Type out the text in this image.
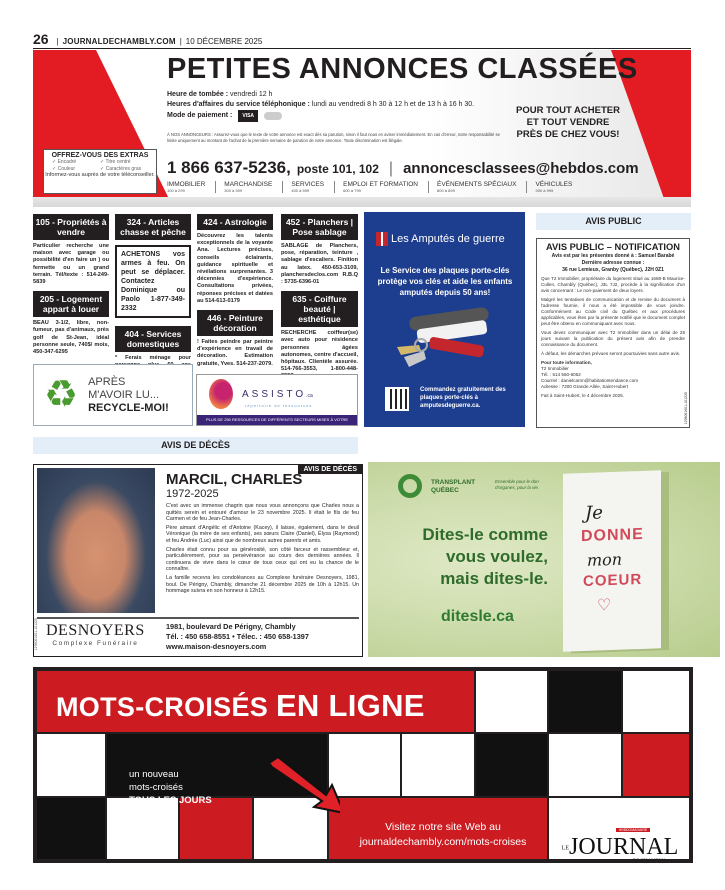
26 | JOURNALDECHAMBLY.COM | 10 DÉCEMBRE 2025
PETITES ANNONCES CLASSÉES
Heure de tombée : vendredi 12 h
Heures d'affaires du service téléphonique : lundi au vendredi 8 h 30 à 12 h et de 13 h à 16 h 30.
Mode de paiement :	VISA
À NOS ANNONCEURS : Assurez-vous que le texte de votre annonce est exact dès sa parution, sinon il faut nous en aviser immédiatement. En cas d'erreur, notre responsabilité se limite uniquement au montant de l'achat de la première semaine de parution de votre annonce. Toute discrimination est illégale.
POUR TOUT ACHETER
ET TOUT VENDRE
PRÈS DE CHEZ VOUS!
OFFREZ-VOUS DES EXTRAS
✓ Encadré	✓ Titre centré
✓ Couleur	✓ Caractères gras
Informez-vous auprès de votre téléconseiller. 1 866 637-5236, poste 101, 102 | annoncesclassees@hebdos.com
IMMOBILIER
100 à 299
MARCHANDISE
300 à 399
SERVICES
400 à 599
EMPLOI ET FORMATION
600 à 799
ÉVÉNEMENTS SPÉCIAUX
800 à 899
VÉHICULES
900 à 999
105 - Propriétés à vendre
Particulier recherche une maison avec garage ou possibilité d'en faire un ) ou fermette ou un grand terrain. Tél/texte : 514-249-5839
205 - Logement appart à louer
BEAU 3-1/2, libre, non-fumeur, pas d'animaux, près golf de St-Jean, idéal personne seule, 740$/ mois, 450-347-6295
324 - Articles chasse et pêche
ACHETONS vos armes à feu. On peut se déplacer. Contactez Dominique ou Paolo 1-877-349-2332
404 - Services domestiques
* Ferais ménage pour
424 - Astrologie
Découvrez les talents exceptionnels de la voyante Ana. Lectures précises, conseils éclairants, guidance spirituelle et révélations surprenantes. 3 décennies d'expérience. Consultations privées, réponses précises et datées au 514-613-0179
446 - Peinture décoration
! Faites peindre par peintre d'expérience en travail de décoration. Estimation gratuite, Yves. 514-237-2079.
452 - Planchers | Pose sablage
SABLAGE de Planchers, pose, réparation, teinture , sablage d'escaliers. Finition au latex. 450-653-3109, planchersdeclos.com R.B.Q : 5735-6396-01
635 - Coiffure beauté | esthétique
RECHERCHE coiffeur(se) avec auto pour résidence personnes âgées autonomes, centre d'accueil, hôpitaux. Clientèle assurée. 514-766-3553, 1-800-448-
♻ APRÈS
M'AVOIR LU...
RECYCLE-MOI!
ASSISTO.ca
répertoire de ressources
PLUS DE 250 RESSOURCES DE DIFFÉRENTS SECTEURS MISES À VOTRE DISPOSITION
Les Amputés de guerre
Le Service des plaques porte-clés protège vos clés et aide les enfants amputés depuis 50 ans!
Commandez gratuitement des plaques porte-clés à amputesdeguerre.ca.
AVIS PUBLIC
AVIS PUBLIC – NOTIFICATION
Avis est par les présentes donné à : Samuel Barabé
Dernière adresse connue :
36 rue Lemieux, Granby (Québec), J2H 0Z1

Que T2 Immobilier, propriétaire du logement situé au 1688-B Maurice-Cullen, Chambly (Québec), J3L 7J2, procède à la signification d'un avis concernant : Le non-paiement de deux loyers.

Malgré les tentatives de communication et de remise du document à l'adresse fournie, il nous a été impossible de vous joindre. Conformément au Code civil du Québec et aux procédures applicables, vous êtes par la présente notifié que le document complet peut être obtenu en communiquant avec nous.

Vous devez communiquer avec T2 Immobilier dans un délai de 25 jours suivant la publication du présent avis afin de prendre connaissance du document.

À défaut, les démarches prévues seront poursuivies sans autre avis.

Pour toute information,
T2 Immobilier
Tél. : 514 560-6052
Courriel : danielcaron@habitationtendance.com
Adresse : 7200 Grande Allée, Saint-Hubert
Fait à Saint-Hubert, le 4 décembre 2025.	1298061601-101225
AVIS DE DÉCÈS
AVIS DE DÉCÈS
MARCIL, CHARLES
1972-2025

C'est avec un immense chagrin que nous vous annonçons que Charles nous a quittés serein et entouré d'amour le 23 novembre 2025. Il était le fils de feu Carmen et de feu Jean-Charles.

Père aimant d'Angélic et d'Antoine (Kacey), il laisse, également, dans le deuil Véronique (la mère de ses enfants), ses sœurs Claire (Daniel), Élysa (Raymond) et feu Andrée (Luc) ainsi que de nombreux autres parents et amis.

Charles était connu pour sa générosité, son côté farceur et rassembleur et, particulièrement, pour sa persévérance au cours des dernières années. Il continuera de vivre dans le cœur de tous ceux qui ont eu la chance de le connaître.

La famille recevra les condoléances au Complexe funéraire Desnoyers, 1981, boul. De Périgny, Chambly, dimanche 21 décembre 2025 de 10h à 12h15. Un hommage suivra en son honneur à 12h15.

DESNOYERS
Complexe Funéraire
1981, boulevard De Périgny, Chambly
Tél. : 450 658-8551 • Télec. : 450 658-1397
www.maison-desnoyers.com
1298061601-101225
TRANSPLANT
QUÉBEC
Ensemble pour le don d'organes, pour la vie.
Dites-le comme
vous voulez,
mais dites-le.
ditesle.ca
Je
DONNE
mon
COEUR
♡
MOTS-CROISÉS EN LIGNE
un nouveau
mots-croisés
TOUS LES JOURS
Visitez notre site Web au
journaldechambly.com/mots-croises
HEBDOMADAIRE
LEJOURNAL
DE CHAMBLY
